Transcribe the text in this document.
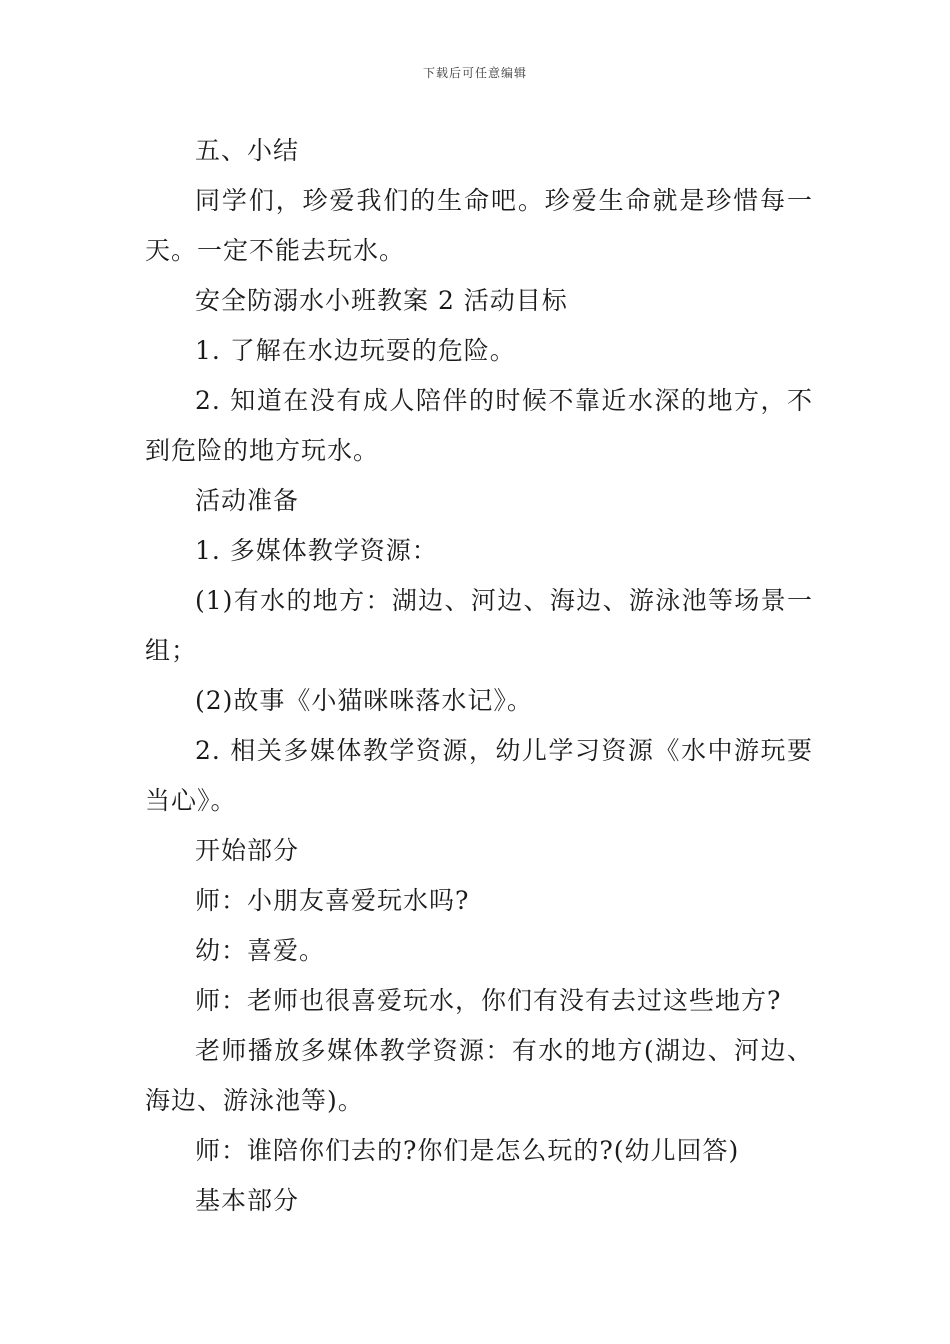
下载后可任意编辑

五、小结

同学们，珍爱我们的生命吧。珍爱生命就是珍惜每一天。一定不能去玩水。

安全防溺水小班教案 2 活动目标

1. 了解在水边玩耍的危险。

2. 知道在没有成人陪伴的时候不靠近水深的地方，不到危险的地方玩水。

活动准备

1. 多媒体教学资源：

(1)有水的地方：湖边、河边、海边、游泳池等场景一组；

(2)故事《小猫咪咪落水记》。

2. 相关多媒体教学资源，幼儿学习资源《水中游玩要当心》。

开始部分

师：小朋友喜爱玩水吗?

幼：喜爱。

师：老师也很喜爱玩水，你们有没有去过这些地方?

老师播放多媒体教学资源：有水的地方(湖边、河边、海边、游泳池等)。

师：谁陪你们去的?你们是怎么玩的?(幼儿回答)

基本部分
